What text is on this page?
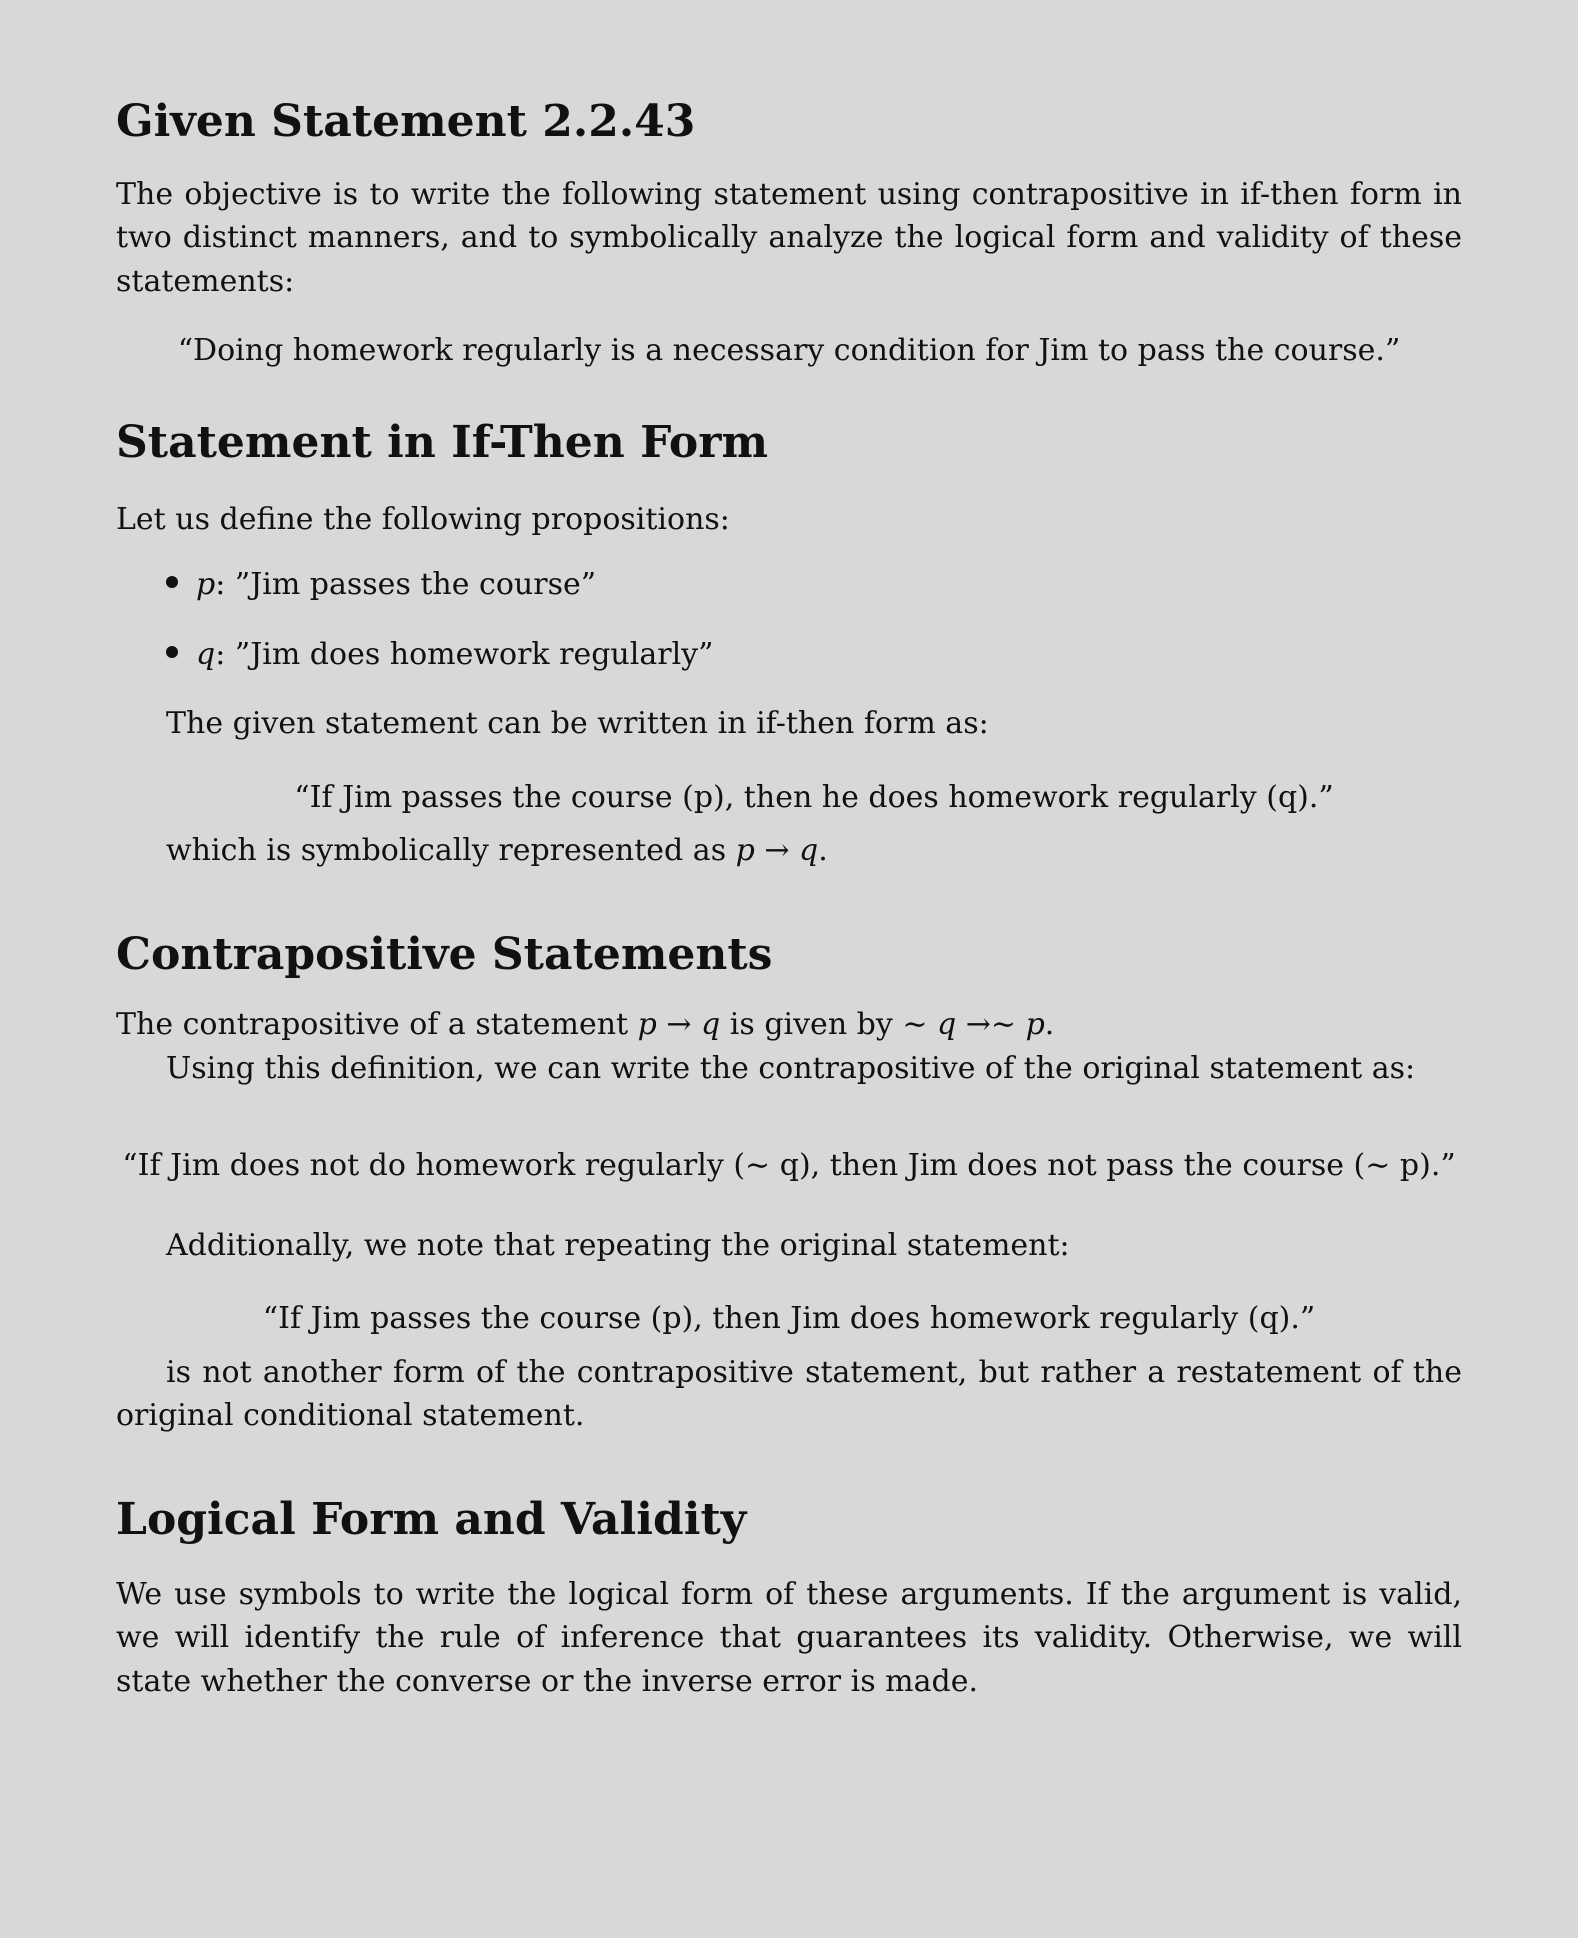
Given Statement 2.2.43

The objective is to write the following statement using contrapositive in if-then form in two distinct manners, and to symbolically analyze the logical form and validity of these statements:

“Doing homework regularly is a necessary condition for Jim to pass the course.”
Statement in If-Then Form

Let us define the following propositions:

p : ”Jim passes the course”
q : ”Jim does homework regularly”

The given statement can be written in if-then form as:

“If Jim passes the course (p), then he does homework regularly (q).”

which is symbolically represented as p → q.

Contrapositive Statements

The contrapositive of a statement p → q is given by ∼ q →∼ p.

Using this definition, we can write the contrapositive of the original statement as:

“If Jim does not do homework regularly (∼ q), then Jim does not pass the course (∼ p).”

Additionally, we note that repeating the original statement:

“If Jim passes the course (p), then Jim does homework regularly (q).”

is not another form of the contrapositive statement, but rather a restatement of the original conditional statement.

Logical Form and Validity

We use symbols to write the logical form of these arguments. If the argument is valid, we will identify the rule of inference that guarantees its validity. Otherwise, we will state whether the converse or the inverse error is made.
